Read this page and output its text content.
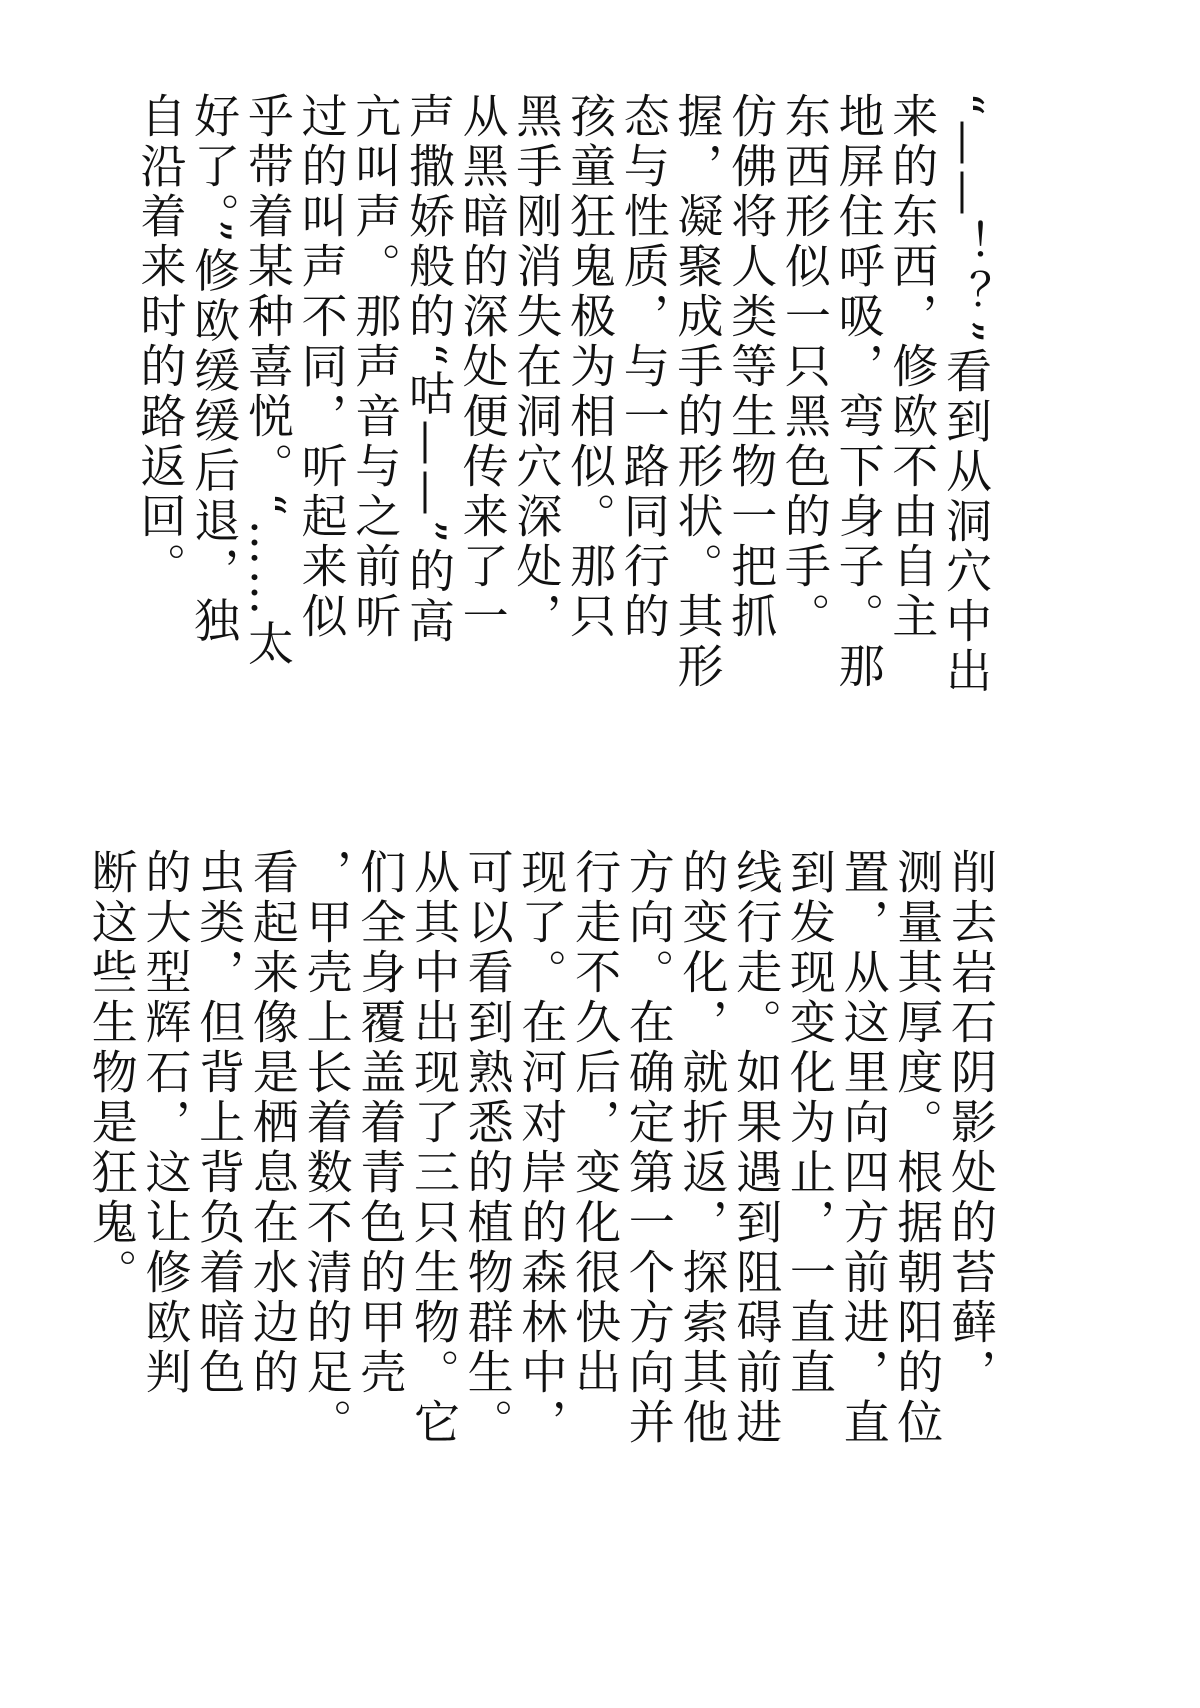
“——！？”看到从洞穴中出

来的东西，修欧不由自主

地屏住呼吸，弯下身子。那

东西形似一只黑色的手。

仿佛将人类等生物一把抓

握，凝聚成手的形状。其形

态与性质，与一路同行的

孩童狂鬼极为相似。那只

黑手刚消失在洞穴深处，

从黑暗的深处便传来了一

声撒娇般的“咕——”的高

亢叫声。那声音与之前听

过的叫声不同，听起来似

乎带着某种喜悦。“……太

好了。”修欧缓缓后退，独

自沿着来时的路返回。

削去岩石阴影处的苔藓，

测量其厚度。根据朝阳的位

置，从这里向四方前进，直

到发现变化为止，一直直

线行走。如果遇到阻碍前进

的变化，就折返，探索其他

方向。在确定第一个方向并

行走不久后，变化很快出

现了。在河对岸的森林中，

可以看到熟悉的植物群生。

从其中出现了三只生物。它

们全身覆盖着青色的甲壳

，甲壳上长着数不清的足。

看起来像是栖息在水边的

虫类，但背上背负着暗色

的大型辉石，这让修欧判

断这些生物是狂鬼。
